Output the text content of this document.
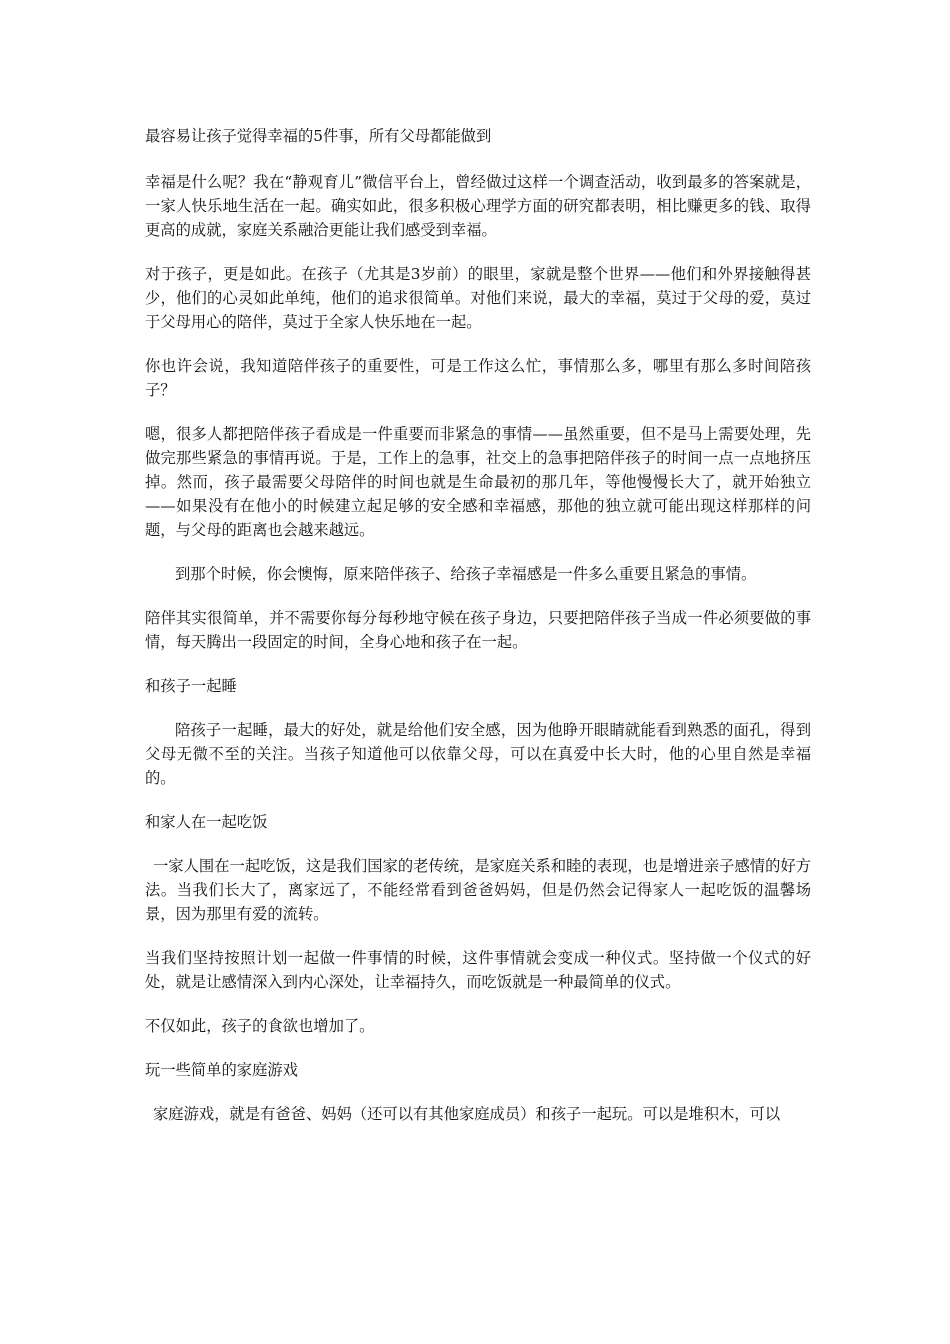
最容易让孩子觉得幸福的5件事，所有父母都能做到

幸福是什么呢？我在“静观育儿”微信平台上，曾经做过这样一个调查活动，收到最多的答案就是，一家人快乐地生活在一起。确实如此，很多积极心理学方面的研究都表明，相比赚更多的钱、取得更高的成就，家庭关系融洽更能让我们感受到幸福。

对于孩子，更是如此。在孩子（尤其是3岁前）的眼里，家就是整个世界——他们和外界接触得甚少，他们的心灵如此单纯，他们的追求很简单。对他们来说，最大的幸福，莫过于父母的爱，莫过于父母用心的陪伴，莫过于全家人快乐地在一起。

你也许会说，我知道陪伴孩子的重要性，可是工作这么忙，事情那么多，哪里有那么多时间陪孩子？

嗯，很多人都把陪伴孩子看成是一件重要而非紧急的事情——虽然重要，但不是马上需要处理，先做完那些紧急的事情再说。于是，工作上的急事，社交上的急事把陪伴孩子的时间一点一点地挤压掉。然而，孩子最需要父母陪伴的时间也就是生命最初的那几年，等他慢慢长大了，就开始独立——如果没有在他小的时候建立起足够的安全感和幸福感，那他的独立就可能出现这样那样的问题，与父母的距离也会越来越远。

到那个时候，你会懊悔，原来陪伴孩子、给孩子幸福感是一件多么重要且紧急的事情。

陪伴其实很简单，并不需要你每分每秒地守候在孩子身边，只要把陪伴孩子当成一件必须要做的事情，每天腾出一段固定的时间，全身心地和孩子在一起。

和孩子一起睡

陪孩子一起睡，最大的好处，就是给他们安全感，因为他睁开眼睛就能看到熟悉的面孔，得到父母无微不至的关注。当孩子知道他可以依靠父母，可以在真爱中长大时，他的心里自然是幸福的。

和家人在一起吃饭

一家人围在一起吃饭，这是我们国家的老传统，是家庭关系和睦的表现，也是增进亲子感情的好方法。当我们长大了，离家远了，不能经常看到爸爸妈妈，但是仍然会记得家人一起吃饭的温馨场景，因为那里有爱的流转。

当我们坚持按照计划一起做一件事情的时候，这件事情就会变成一种仪式。坚持做一个仪式的好处，就是让感情深入到内心深处，让幸福持久，而吃饭就是一种最简单的仪式。

不仅如此，孩子的食欲也增加了。

玩一些简单的家庭游戏

家庭游戏，就是有爸爸、妈妈（还可以有其他家庭成员）和孩子一起玩。可以是堆积木，可以
